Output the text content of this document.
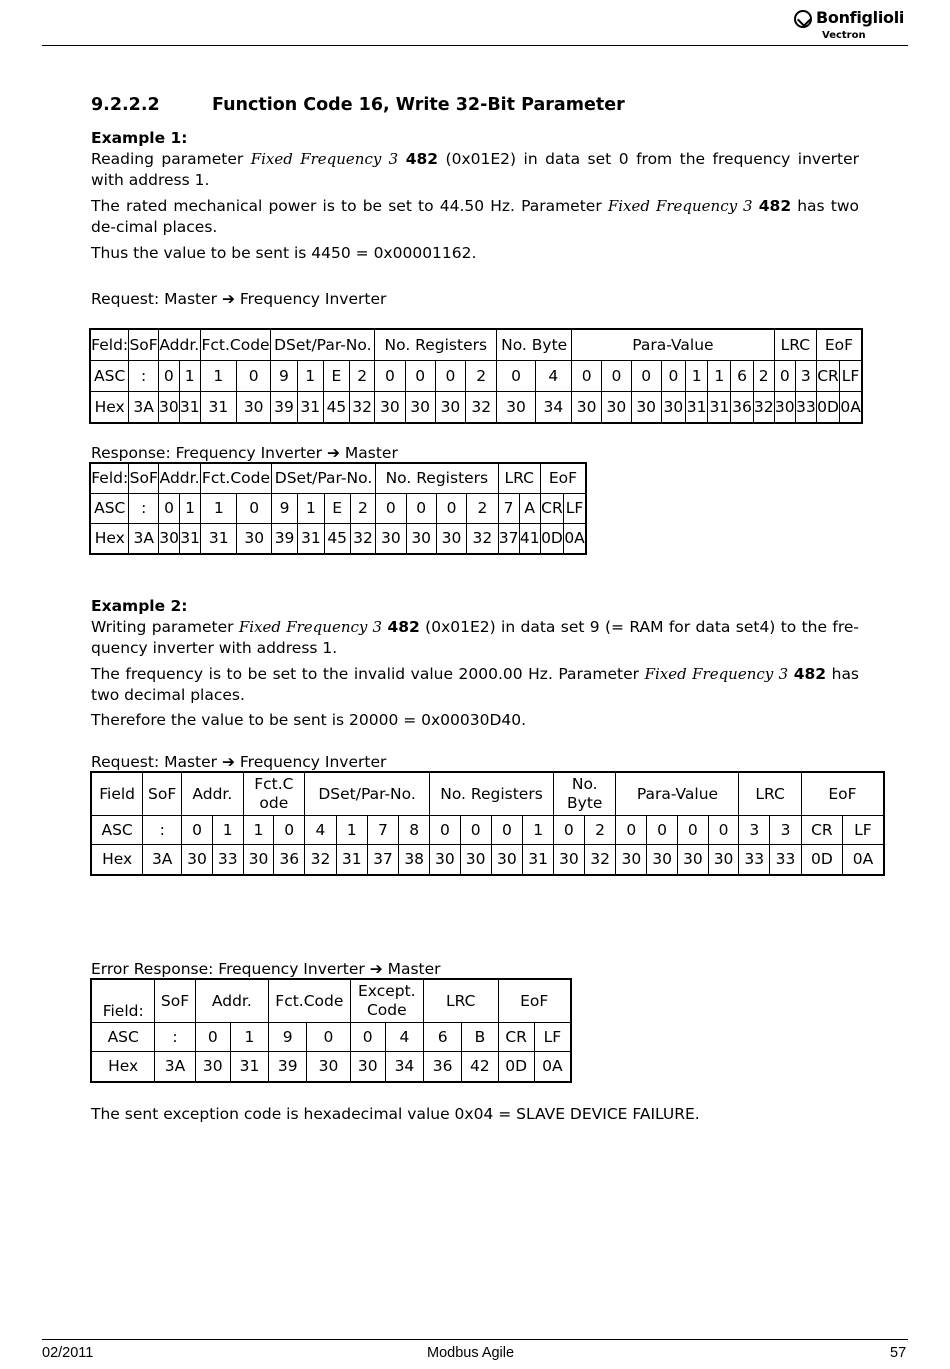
Bonfiglioli
Vectron
9.2.2.2	Function Code 16, Write 32-Bit Parameter
Example 1:
Reading parameter Fixed Frequency 3 482 (0x01E2) in data set 0 from the frequency inverter with address 1.
The rated mechanical power is to be set to 44.50 Hz. Parameter Fixed Frequency 3 482 has two de-cimal places.
Thus the value to be sent is 4450 = 0x00001162.
Request: Master ➔ Frequency Inverter
Feld:	SoF	Addr.		Fct.Code		DSet/Par-No.				No. Registers				No. Byte		Para-Value								LRC		EoF	
ASC	:	0	1	1	0	9	1	E	2	0	0	0	2	0	4	0	0	0	0	1	1	6	2	0	3	CR	LF
Hex	3A	30	31	31	30	39	31	45	32	30	30	30	32	30	34	30	30	30	30	31	31	36	32	30	33	0D	0A
Response: Frequency Inverter ➔ Master
Feld:	SoF	Addr.		Fct.Code		DSet/Par-No.				No. Registers				LRC		EoF	
ASC	:	0	1	1	0	9	1	E	2	0	0	0	2	7	A	CR	LF
Hex	3A	30	31	31	30	39	31	45	32	30	30	30	32	37	41	0D	0A
Example 2:
Writing parameter Fixed Frequency 3 482 (0x01E2) in data set 9 (= RAM for data set4) to the fre-quency inverter with address 1.
The frequency is to be set to the invalid value 2000.00 Hz. Parameter Fixed Frequency 3 482 has two decimal places.
Therefore the value to be sent is 20000 = 0x00030D40.
Request: Master ➔ Frequency Inverter
Field	SoF	Addr.		Fct.Code		DSet/Par-No.				No. Registers				No. Byte		Para-Value				LRC		EoF	
ASC	:	0	1	1	0	4	1	7	8	0	0	0	1	0	2	0	0	0	0	3	3	CR	LF
Hex	3A	30	33	30	36	32	31	37	38	30	30	30	31	30	32	30	30	30	30	33	33	0D	0A
Error Response: Frequency Inverter ➔ Master
Field:	SoF	Addr.		Fct.Code		Except. Code		LRC		EoF	
ASC	:	0	1	9	0	0	4	6	B	CR	LF
Hex	3A	30	31	39	30	30	34	36	42	0D	0A
The sent exception code is hexadecimal value 0x04 = SLAVE DEVICE FAILURE.
02/2011	Modbus Agile	57
